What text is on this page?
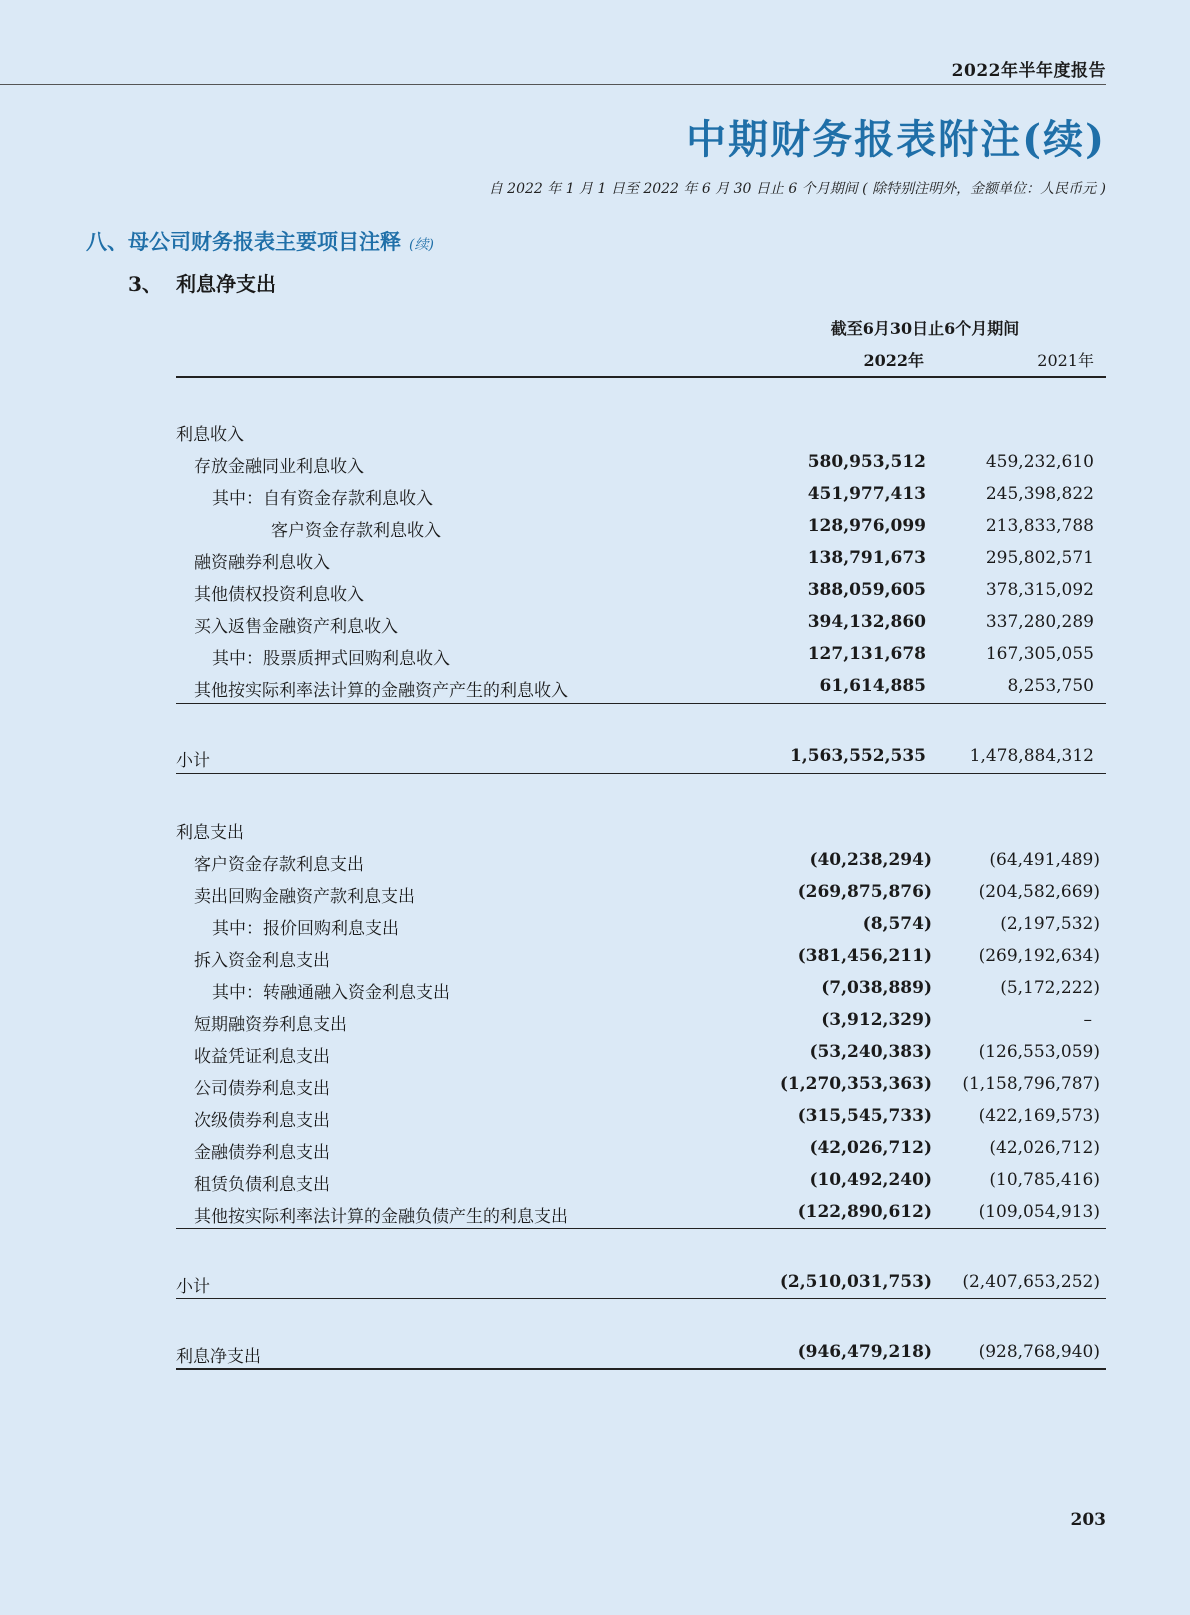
2022年半年度报告
中期财务报表附注(续)
自 2022 年 1 月 1 日至 2022 年 6 月 30 日止 6 个月期间 ( 除特别注明外，金额单位：人民币元 )
八、母公司财务报表主要项目注释 (续)
3、 利息净支出
截至6月30日止6个月期间
2022年	2021年
利息收入
存放金融同业利息收入	580,953,512	459,232,610
其中：自有资金存款利息收入	451,977,413	245,398,822
客户资金存款利息收入	128,976,099	213,833,788
融资融券利息收入	138,791,673	295,802,571
其他债权投资利息收入	388,059,605	378,315,092
买入返售金融资产利息收入	394,132,860	337,280,289
其中：股票质押式回购利息收入	127,131,678	167,305,055
其他按实际利率法计算的金融资产产生的利息收入	61,614,885	8,253,750
小计	1,563,552,535	1,478,884,312
利息支出
客户资金存款利息支出	(40,238,294)	(64,491,489)
卖出回购金融资产款利息支出	(269,875,876)	(204,582,669)
其中：报价回购利息支出	(8,574)	(2,197,532)
拆入资金利息支出	(381,456,211)	(269,192,634)
其中：转融通融入资金利息支出	(7,038,889)	(5,172,222)
短期融资券利息支出	(3,912,329)	–
收益凭证利息支出	(53,240,383)	(126,553,059)
公司债券利息支出	(1,270,353,363) (1,158,796,787)
次级债券利息支出	(315,545,733)	(422,169,573)
金融债券利息支出	(42,026,712)	(42,026,712)
租赁负债利息支出	(10,492,240)	(10,785,416)
其他按实际利率法计算的金融负债产生的利息支出	(122,890,612)	(109,054,913)
小计	(2,510,031,753) (2,407,653,252)
利息净支出	(946,479,218)	(928,768,940)
203
